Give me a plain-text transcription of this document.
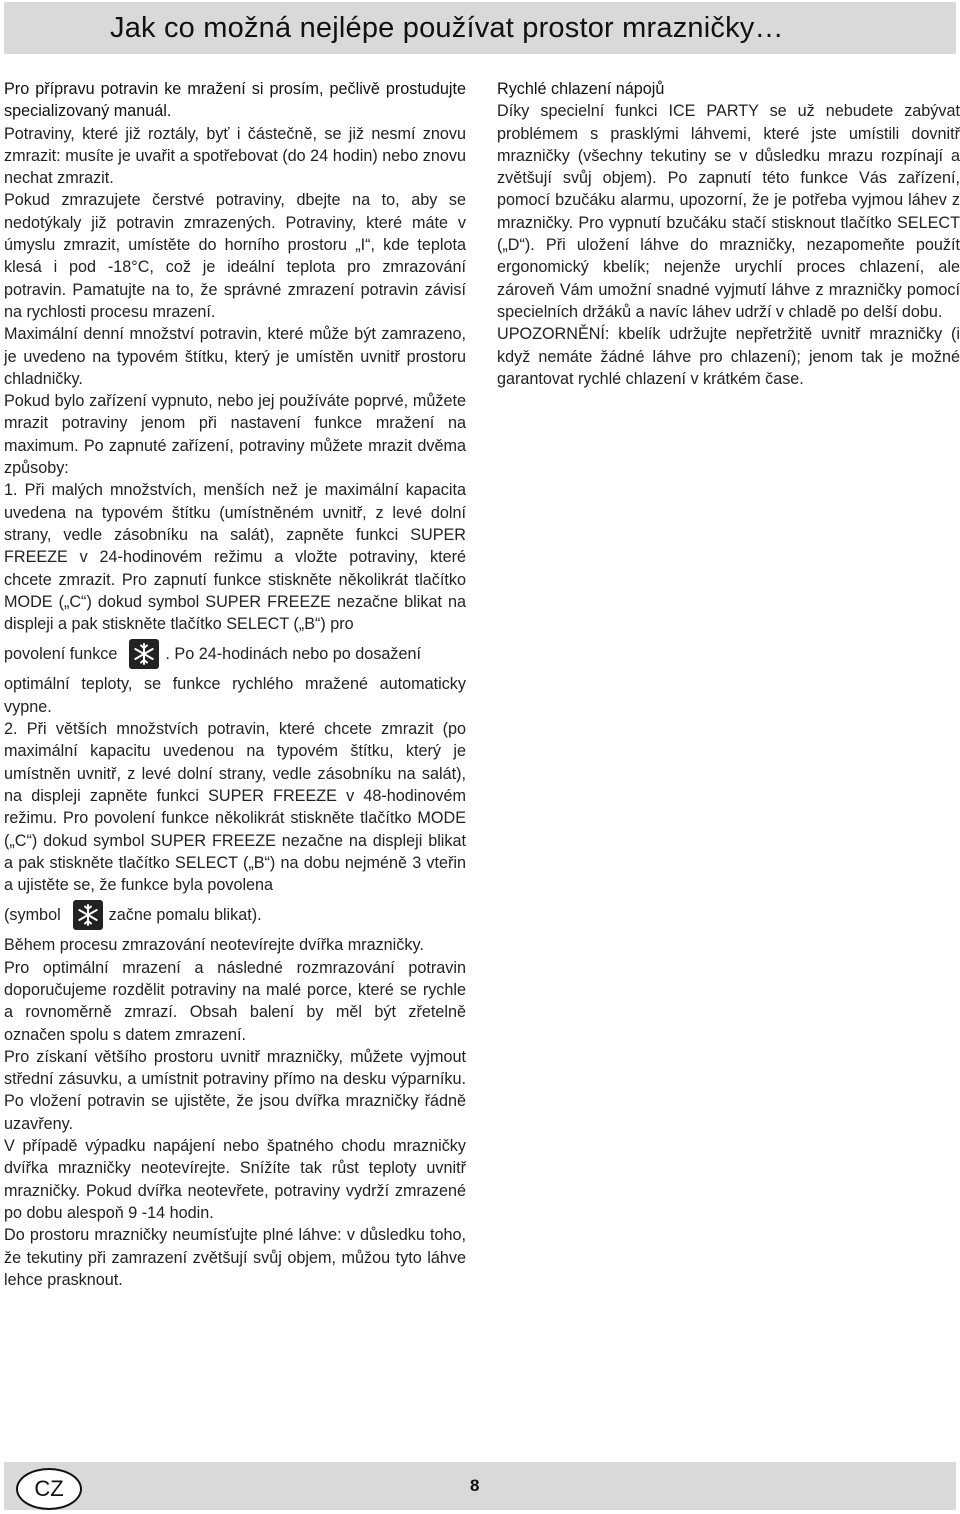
Jak co možná nejlépe používat prostor mrazničky…

Pro přípravu potravin ke mražení si prosím, pečlivě prostudujte specializovaný manuál.

Potraviny, které již roztály, byť i částečně, se již nesmí znovu zmrazit: musíte je uvařit a spotřebovat (do 24 hodin) nebo znovu nechat zmrazit.

Pokud zmrazujete čerstvé potraviny, dbejte na to, aby se nedotýkaly již potravin zmrazených. Potraviny, které máte v úmyslu zmrazit, umístěte do horního prostoru „I“, kde teplota klesá i pod -18°C, což je ideální teplota pro zmrazování potravin. Pamatujte na to, že správné zmrazení potravin závisí na rychlosti procesu mrazení.

Maximální denní množství potravin, které může být zamrazeno, je uvedeno na typovém štítku, který je umístěn uvnitř prostoru chladničky.

Pokud bylo zařízení vypnuto, nebo jej používáte poprvé, můžete mrazit potraviny jenom při nastavení funkce mražení na maximum. Po zapnuté zařízení, potraviny můžete mrazit dvěma způsoby:

1. Při malých množstvích, menších než je maximální kapacita uvedena na typovém štítku (umístněném uvnitř, z levé dolní strany, vedle zásobníku na salát), zapněte funkci SUPER FREEZE v 24-hodinovém režimu a vložte potraviny, které chcete zmrazit. Pro zapnutí funkce stiskněte několikrát tlačítko MODE („C“) dokud symbol SUPER FREEZE nezačne blikat na displeji a pak stiskněte tlačítko SELECT („B“) pro

povolení funkce	. Po 24-hodinách nebo po dosažení

optimální teploty, se funkce rychlého mražené automaticky vypne.

2. Při větších množstvích potravin, které chcete zmrazit (po maximální kapacitu uvedenou na typovém štítku, který je umístněn uvnitř, z levé dolní strany, vedle zásobníku na salát), na displeji zapněte funkci SUPER FREEZE v 48-hodinovém režimu. Pro povolení funkce několikrát stiskněte tlačítko MODE („C“) dokud symbol SUPER FREEZE nezačne na displeji blikat a pak stiskněte tlačítko SELECT („B“) na dobu nejméně 3 vteřin a ujistěte se, že funkce byla povolena

(symbol	začne pomalu blikat).

Během procesu zmrazování neotevírejte dvířka mrazničky.

Pro optimální mrazení a následné rozmrazování potravin doporučujeme rozdělit potraviny na malé porce, které se rychle a rovnoměrně zmrazí. Obsah balení by měl být zřetelně označen spolu s datem zmrazení.

Pro získaní většího prostoru uvnitř mrazničky, můžete vyjmout střední zásuvku, a umístnit potraviny přímo na desku výparníku. Po vložení potravin se ujistěte, že jsou dvířka mrazničky řádně uzavřeny.

V případě výpadku napájení nebo špatného chodu mrazničky dvířka mrazničky neotevírejte. Snížíte tak růst teploty uvnitř mrazničky. Pokud dvířka neotevřete, potraviny vydrží zmrazené po dobu alespoň 9 -14 hodin.

Do prostoru mrazničky neumísťujte plné láhve: v důsledku toho, že tekutiny při zamrazení zvětšují svůj objem, můžou tyto láhve lehce prasknout.

Rychlé chlazení nápojů

Díky specielní funkci ICE PARTY se už nebudete zabývat problémem s prasklými láhvemi, které jste umístili dovnitř mrazničky (všechny tekutiny se v důsledku mrazu rozpínají a zvětšují svůj objem). Po zapnutí této funkce Vás zařízení, pomocí bzučáku alarmu, upozorní, že je potřeba vyjmou láhev z mrazničky. Pro vypnutí bzučáku stačí stisknout tlačítko SELECT („D“). Při uložení láhve do mrazničky, nezapomeňte použít ergonomický kbelík; nejenže urychlí proces chlazení, ale zároveň Vám umožní snadné vyjmutí láhve z mrazničky pomocí specielních držáků a navíc láhev udrží v chladě po delší dobu.

UPOZORNĚNÍ: kbelík udržujte nepřetržitě uvnitř mrazničky (i když nemáte žádné láhve pro chlazení); jenom tak je možné garantovat rychlé chlazení v krátkém čase.

CZ	8
